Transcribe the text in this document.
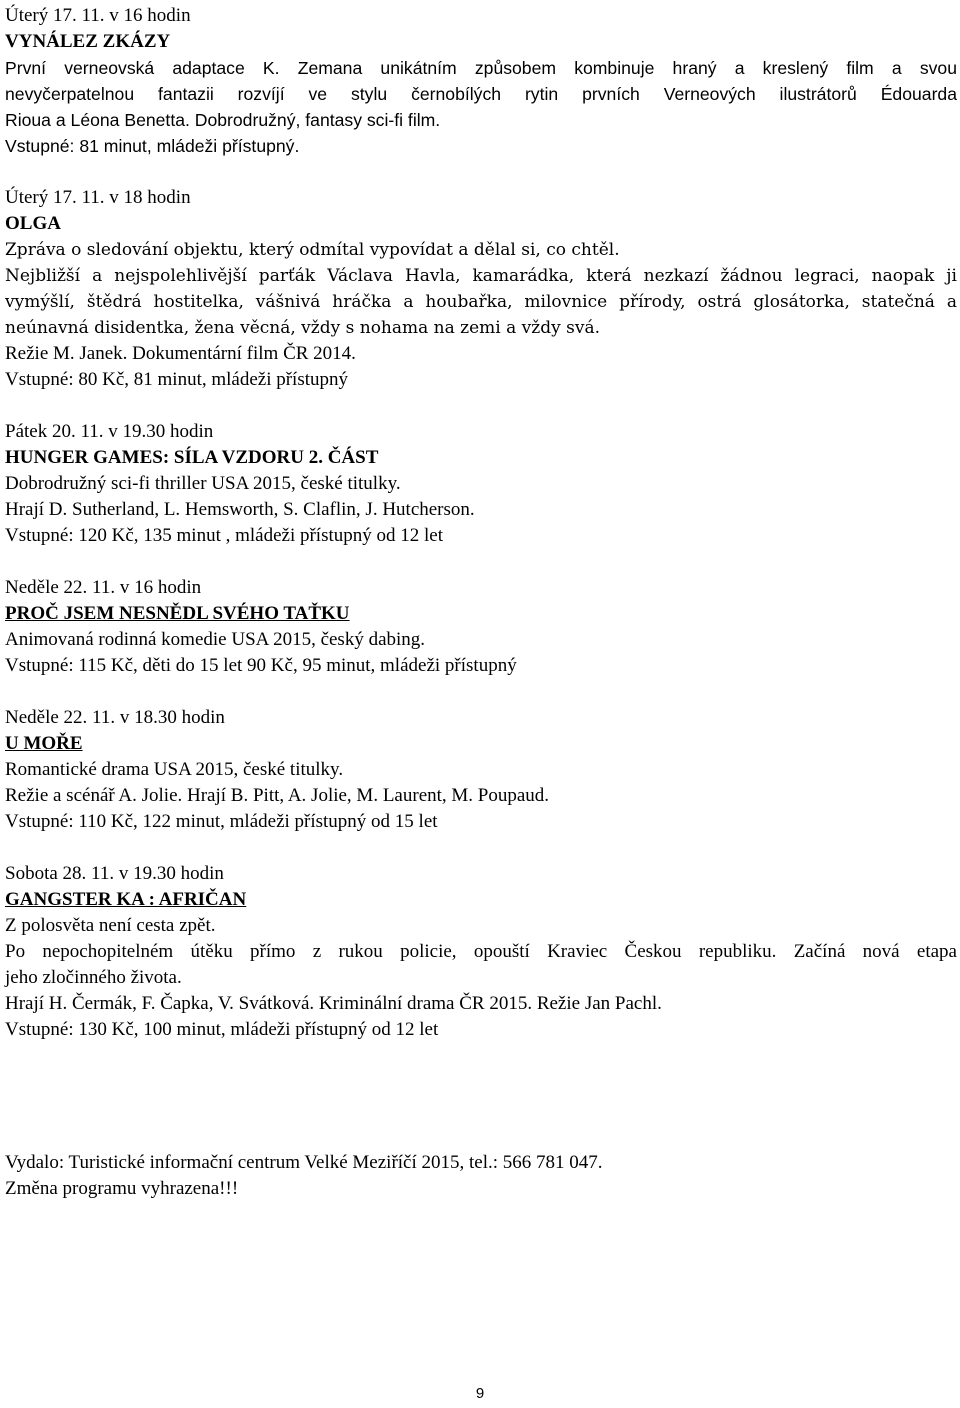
Úterý 17. 11. v 16 hodin
VYNÁLEZ ZKÁZY
První verneovská adaptace K. Zemana unikátním způsobem kombinuje hraný a kreslený film a svou
nevyčerpatelnou fantazii rozvíjí ve stylu černobílých rytin prvních Verneových ilustrátorů Édouarda
Rioua a Léona Benetta. Dobrodružný, fantasy sci-fi film.
Vstupné: 81 minut, mládeži přístupný.
Úterý 17. 11. v 18 hodin
OLGA
Zpráva o sledování objektu, který odmítal vypovídat a dělal si, co chtěl.
Nejbližší a nejspolehlivější parťák Václava Havla, kamarádka, která nezkazí žádnou legraci, naopak ji
vymýšlí, štědrá hostitelka, vášnivá hráčka a houbařka, milovnice přírody, ostrá glosátorka, statečná a
neúnavná disidentka, žena věcná, vždy s nohama na zemi a vždy svá.
Režie M. Janek. Dokumentární film ČR 2014.
Vstupné: 80 Kč, 81 minut, mládeži přístupný
Pátek 20. 11. v 19.30 hodin
HUNGER GAMES: SÍLA VZDORU 2. ČÁST
Dobrodružný sci-fi thriller USA 2015, české titulky.
Hrají D. Sutherland, L. Hemsworth, S. Claflin, J. Hutcherson.
Vstupné: 120 Kč, 135 minut , mládeži přístupný od 12 let
Neděle 22. 11. v 16 hodin
PROČ JSEM NESNĚDL SVÉHO TAŤKU
Animovaná rodinná komedie USA 2015, český dabing.
Vstupné: 115 Kč, děti do 15 let 90 Kč, 95 minut, mládeži přístupný
Neděle 22. 11. v 18.30 hodin
U MOŘE
Romantické drama USA 2015, české titulky.
Režie a scénář A. Jolie. Hrají B. Pitt, A. Jolie, M. Laurent, M. Poupaud.
Vstupné: 110 Kč, 122 minut, mládeži přístupný od 15 let
Sobota 28. 11. v 19.30 hodin
GANGSTER KA : AFRIČAN
Z polosvěta není cesta zpět.
Po nepochopitelném útěku přímo z rukou policie, opouští Kraviec Českou republiku. Začíná nová etapa
jeho zločinného života.
Hrají H. Čermák, F. Čapka, V. Svátková. Kriminální drama ČR 2015. Režie Jan Pachl.
Vstupné: 130 Kč, 100 minut, mládeži přístupný od 12 let
Vydalo: Turistické informační centrum Velké Meziříčí 2015, tel.: 566 781 047.
Změna programu vyhrazena!!!
9
